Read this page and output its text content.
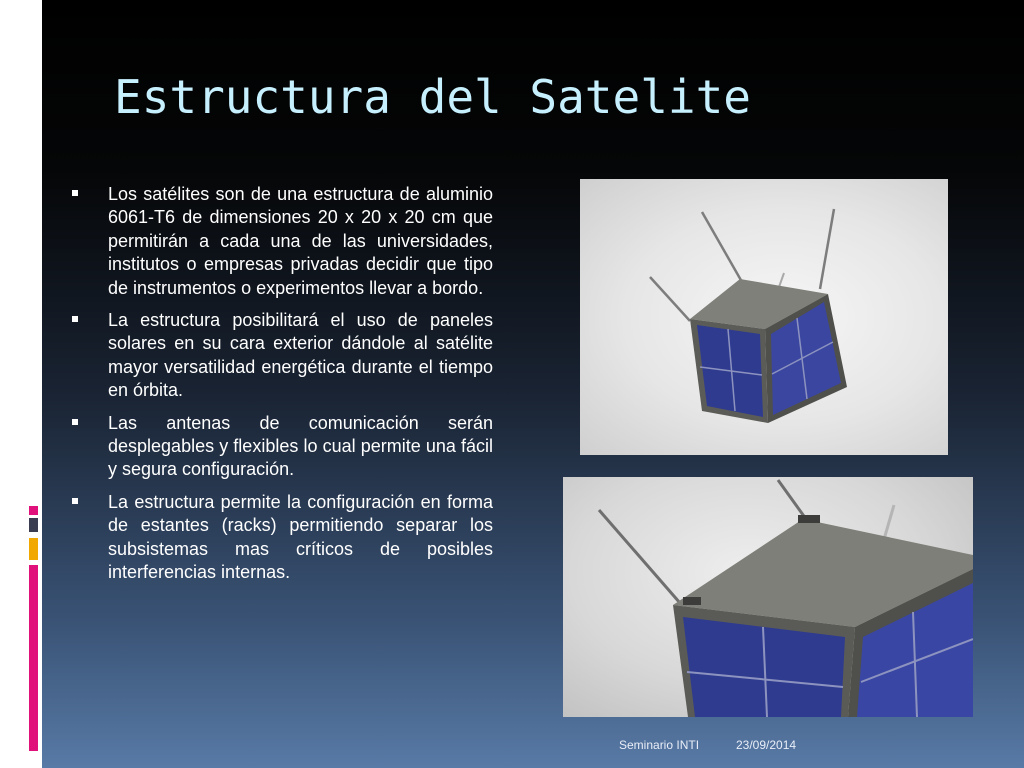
Estructura del Satelite
Los satélites son de una estructura de aluminio 6061-T6 de dimensiones 20 x 20 x 20 cm que permitirán a cada una de las universidades, institutos o empresas privadas decidir que tipo de instrumentos o experimentos llevar a bordo.
La estructura posibilitará el uso de paneles solares en su cara exterior dándole al satélite mayor versatilidad energética durante el tiempo en órbita.
Las antenas de comunicación serán desplegables y flexibles lo cual permite una fácil y segura configuración.
La estructura permite la configuración en forma de estantes (racks) permitiendo separar los subsistemas mas críticos de posibles interferencias internas.
Seminario INTI	23/09/2014
